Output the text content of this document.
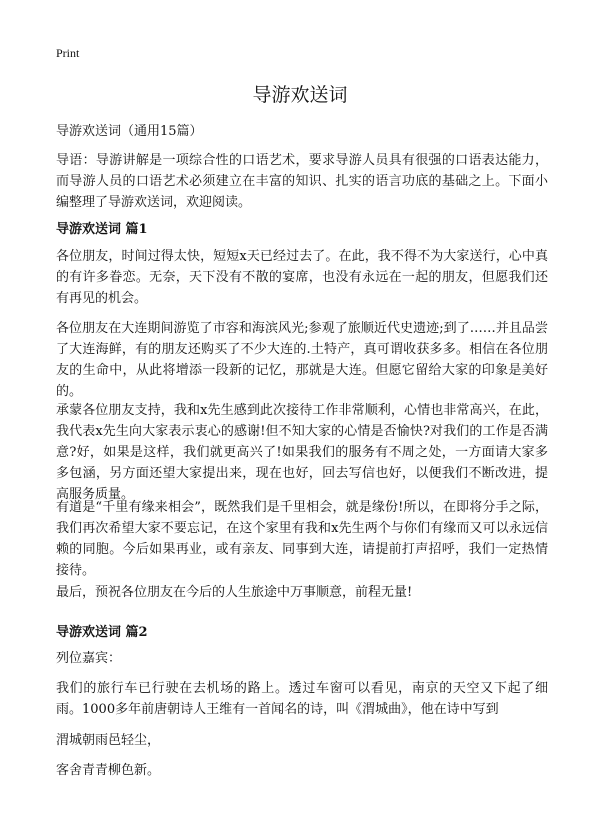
Print
导游欢送词
导游欢送词（通用15篇）

导语：导游讲解是一项综合性的口语艺术，要求导游人员具有很强的口语表达能力，而导游人员的口语艺术必须建立在丰富的知识、扎实的语言功底的基础之上。下面小编整理了导游欢送词，欢迎阅读。

导游欢送词 篇1

各位朋友，时间过得太快，短短x天已经过去了。在此，我不得不为大家送行，心中真的有许多眷恋。无奈，天下没有不散的宴席，也没有永远在一起的朋友，但愿我们还有再见的机会。

各位朋友在大连期间游览了市容和海滨风光;参观了旅顺近代史遗迹;到了……并且品尝了大连海鲜，有的朋友还购买了不少大连的.土特产，真可谓收获多多。相信在各位朋友的生命中，从此将增添一段新的记忆，那就是大连。但愿它留给大家的印象是美好的。

承蒙各位朋友支持，我和x先生感到此次接待工作非常顺利，心情也非常高兴，在此，我代表x先生向大家表示衷心的感谢!但不知大家的心情是否愉快?对我们的工作是否满意?好，如果是这样，我们就更高兴了!如果我们的服务有不周之处，一方面请大家多多包涵，另方面还望大家提出来，现在也好，回去写信也好，以便我们不断改进，提高服务质量。

有道是“千里有缘来相会”，既然我们是千里相会，就是缘份!所以，在即将分手之际，我们再次希望大家不要忘记，在这个家里有我和x先生两个与你们有缘而又可以永远信赖的同胞。今后如果再业，或有亲友、同事到大连，请提前打声招呼，我们一定热情接待。

最后，预祝各位朋友在今后的人生旅途中万事顺意，前程无量!

导游欢送词 篇2

列位嘉宾：

我们的旅行车已行驶在去机场的路上。透过车窗可以看见，南京的天空又下起了细雨。1000多年前唐朝诗人王维有一首闻名的诗，叫《渭城曲》，他在诗中写到

渭城朝雨邑轻尘，

客舍青青柳色新。
